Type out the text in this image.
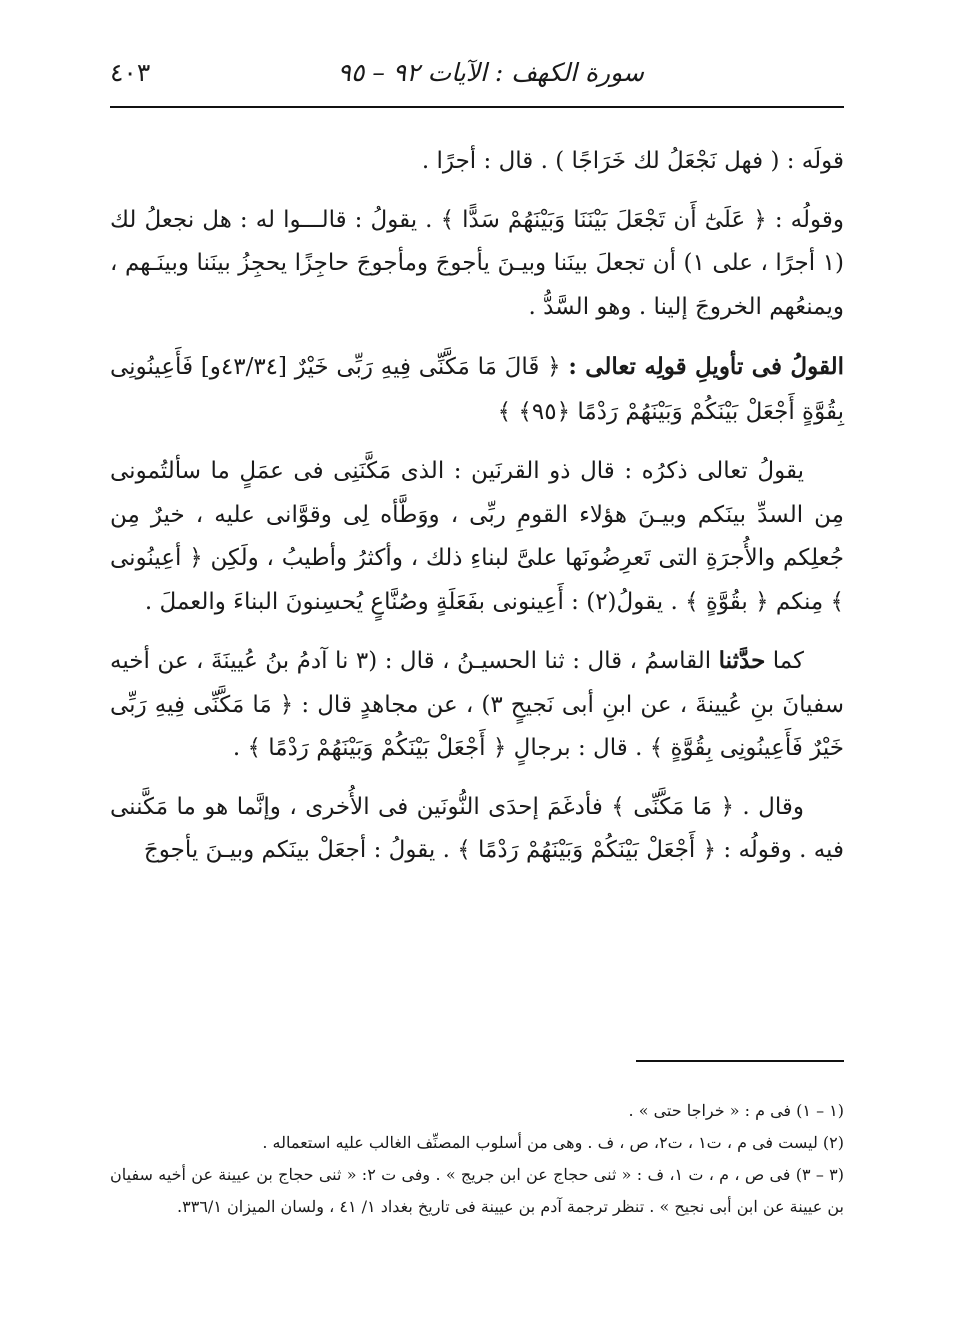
سورة الكهف : الآيات ٩٢ – ٩٥
٤٠٣

قولَه : ( فهل نَجْعَلُ لك خَرَاجًا ) . قال : أجرًا .

وقولُه : ﴿ عَلَىٰٓ أَن تَجْعَلَ بَيْنَنَا وَبَيْنَهُمْ سَدًّا ﴾ . يقولُ : قالـــوا له : هل نجعلُ لك (١ أجرًا ، على ١) أن تجعلَ بينَنا وبيـنَ يأجوجَ ومأجوجَ حاجِزًا يحجِزُ بينَنا وبينَـهم ، ويمنعُهم الخروجَ إلينا . وهو السَّدُّ .

القولُ فى تأويلِ قولِه تعالى : ﴿ قَالَ مَا مَكَّنِّى فِيهِ رَبِّى خَيْرٌ [٤٣/٣٤و] فَأَعِينُونِى بِقُوَّةٍ أَجْعَلْ بَيْنَكُمْ وَبَيْنَهُمْ رَدْمًا ﴿٩٥﴾ ﴾

يقولُ تعالى ذكرُه : قال ذو القرنَين : الذى مَكَّنَنِى فى عمَلٍ ما سألتُمونى مِن السدِّ بينَكم وبيـنَ هؤلاء القومِ ربِّى ، ووَطَّأه لِى وقوَّانى عليه ، خيرٌ مِن جُعلِكم والأُجرَةِ التى تَعرِضُونَها علىَّ لبناءِ ذلك ، وأكثرُ وأطيبُ ، ولَكِن ﴿ أعِينُونى ﴾ مِنكم ﴿ بقُوَّةٍ ﴾ . يقولُ(٢) : أَعِينونى بفَعَلَةٍ وصُنَّاعٍ يُحسِنونَ البناءَ والعملَ .

كما حدَّثنا القاسمُ ، قال : ثنا الحسيـنُ ، قال : (٣ نا آدمُ بنُ عُيينَةَ ، عن أخيه سفيانَ بنِ عُيينةَ ، عن ابنِ أبى نَجيحٍ ٣) ، عن مجاهدٍ قال : ﴿ مَا مَكَّنِّى فِيهِ رَبِّى خَيْرٌ فَأَعِينُونِى بِقُوَّةٍ ﴾ . قال : برجالٍ ﴿ أَجْعَلْ بَيْنَكُمْ وَبَيْنَهُمْ رَدْمًا ﴾ .

وقال . ﴿ مَا مَكَّنِّى ﴾ فأدغَمَ إحدَى النُّونَين فى الأُخرى ، وإنَّما هو ما مَكَّننى فيه . وقولُه : ﴿ أَجْعَلْ بَيْنَكُمْ وَبَيْنَهُمْ رَدْمًا ﴾ . يقولُ : أجعَلْ بينَكم وبيـنَ يأجوجَ

(١ – ١) فى م : « خراجا حتى » .

(٢) ليست فى م ، ت١ ، ت٢، ص ، ف . وهى من أسلوب المصنِّف الغالب عليه استعماله .

(٣ – ٣) فى ص ، م ، ت ١، ف : « ثنى حجاج عن ابن جريج » . وفى ت ٢: « ثنى حجاج بن عيينة عن أخيه سفيان بن عيينة عن ابن أبى نجيح » . تنظر ترجمة آدم بن عيينة فى تاريخ بغداد ١/ ٤١ ، ولسان الميزان ٣٣٦/١.
